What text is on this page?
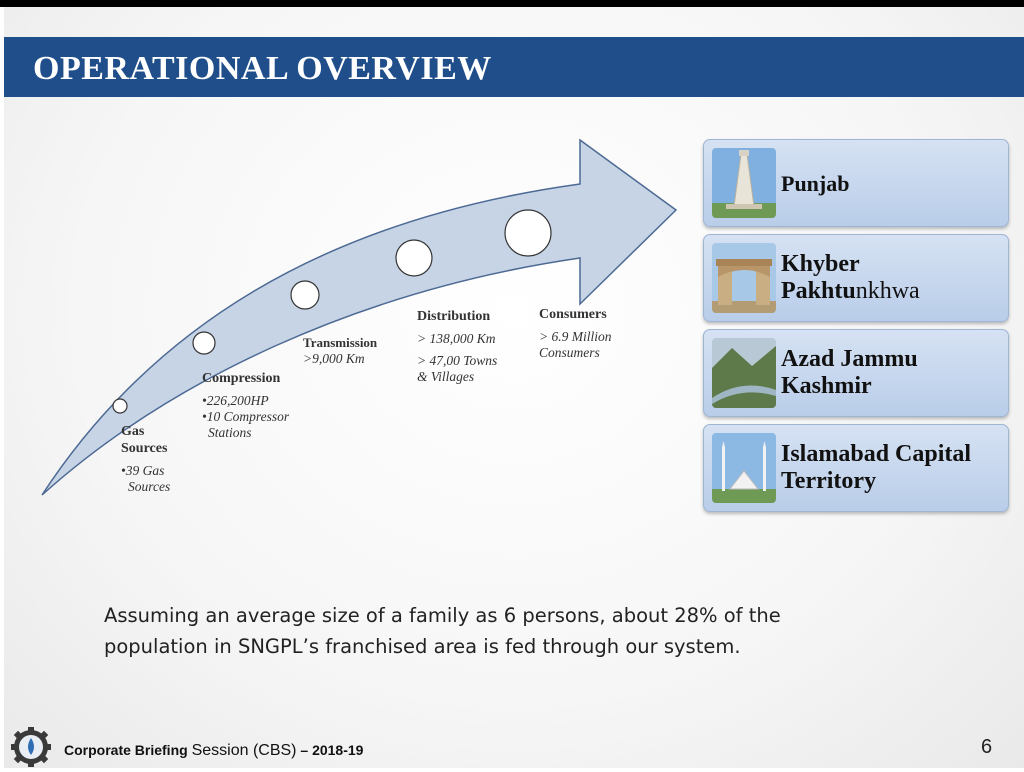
OPERATIONAL OVERVIEW
Gas Sources
•39 Gas
Sources
Compression
•226,200HP
•10 Compressor
Stations
Transmission
>9,000 Km
Distribution
> 138,000 Km
> 47,00 Towns
& Villages
Consumers
> 6.9 Million
Consumers
Punjab
Khyber Pakhtunkhwa
Azad Jammu Kashmir
Islamabad Capital Territory
Assuming an average size of a family as 6 persons, about 28% of the population in SNGPL’s franchised area is fed through our system.
Corporate Briefing Session (CBS) – 2018-19	6
